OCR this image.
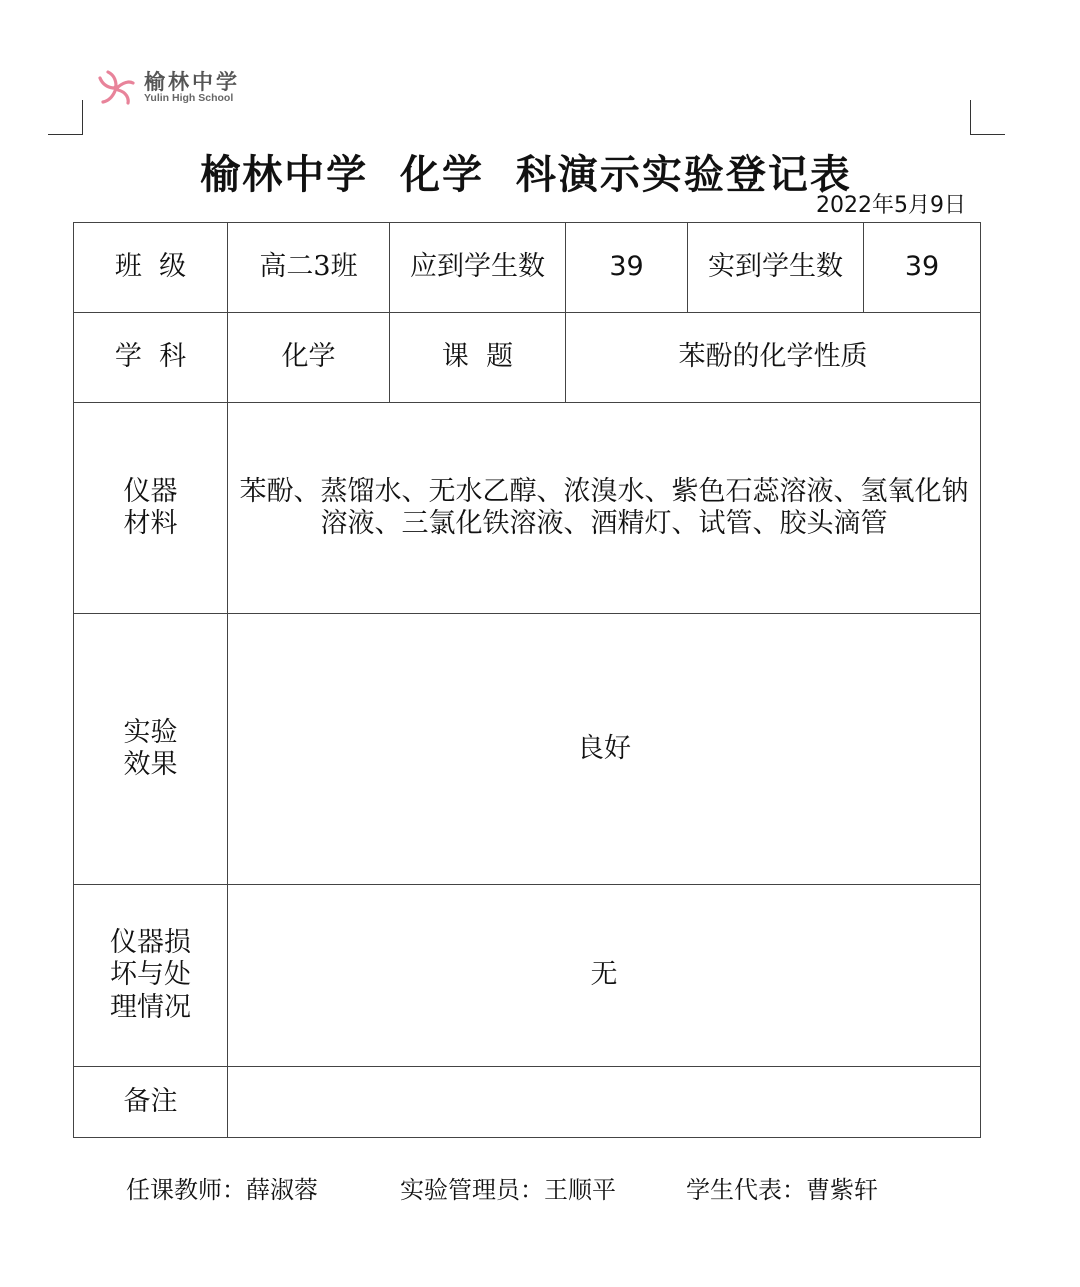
榆林中学
Yulin High School
榆林中学  化学  科演示实验登记表
2022年5月9日
班  级	高二3班	应到学生数	39	实到学生数	39
学  科	化学	课  题	苯酚的化学性质		
仪器材料	苯酚、蒸馏水、无水乙醇、浓溴水、紫色石蕊溶液、氢氧化钠溶液、三氯化铁溶液、酒精灯、试管、胶头滴管				
实验效果	良好				
仪器损坏与处理情况	无				
备注					
任课教师：薛淑蓉	实验管理员：王顺平	学生代表：曹紫轩
